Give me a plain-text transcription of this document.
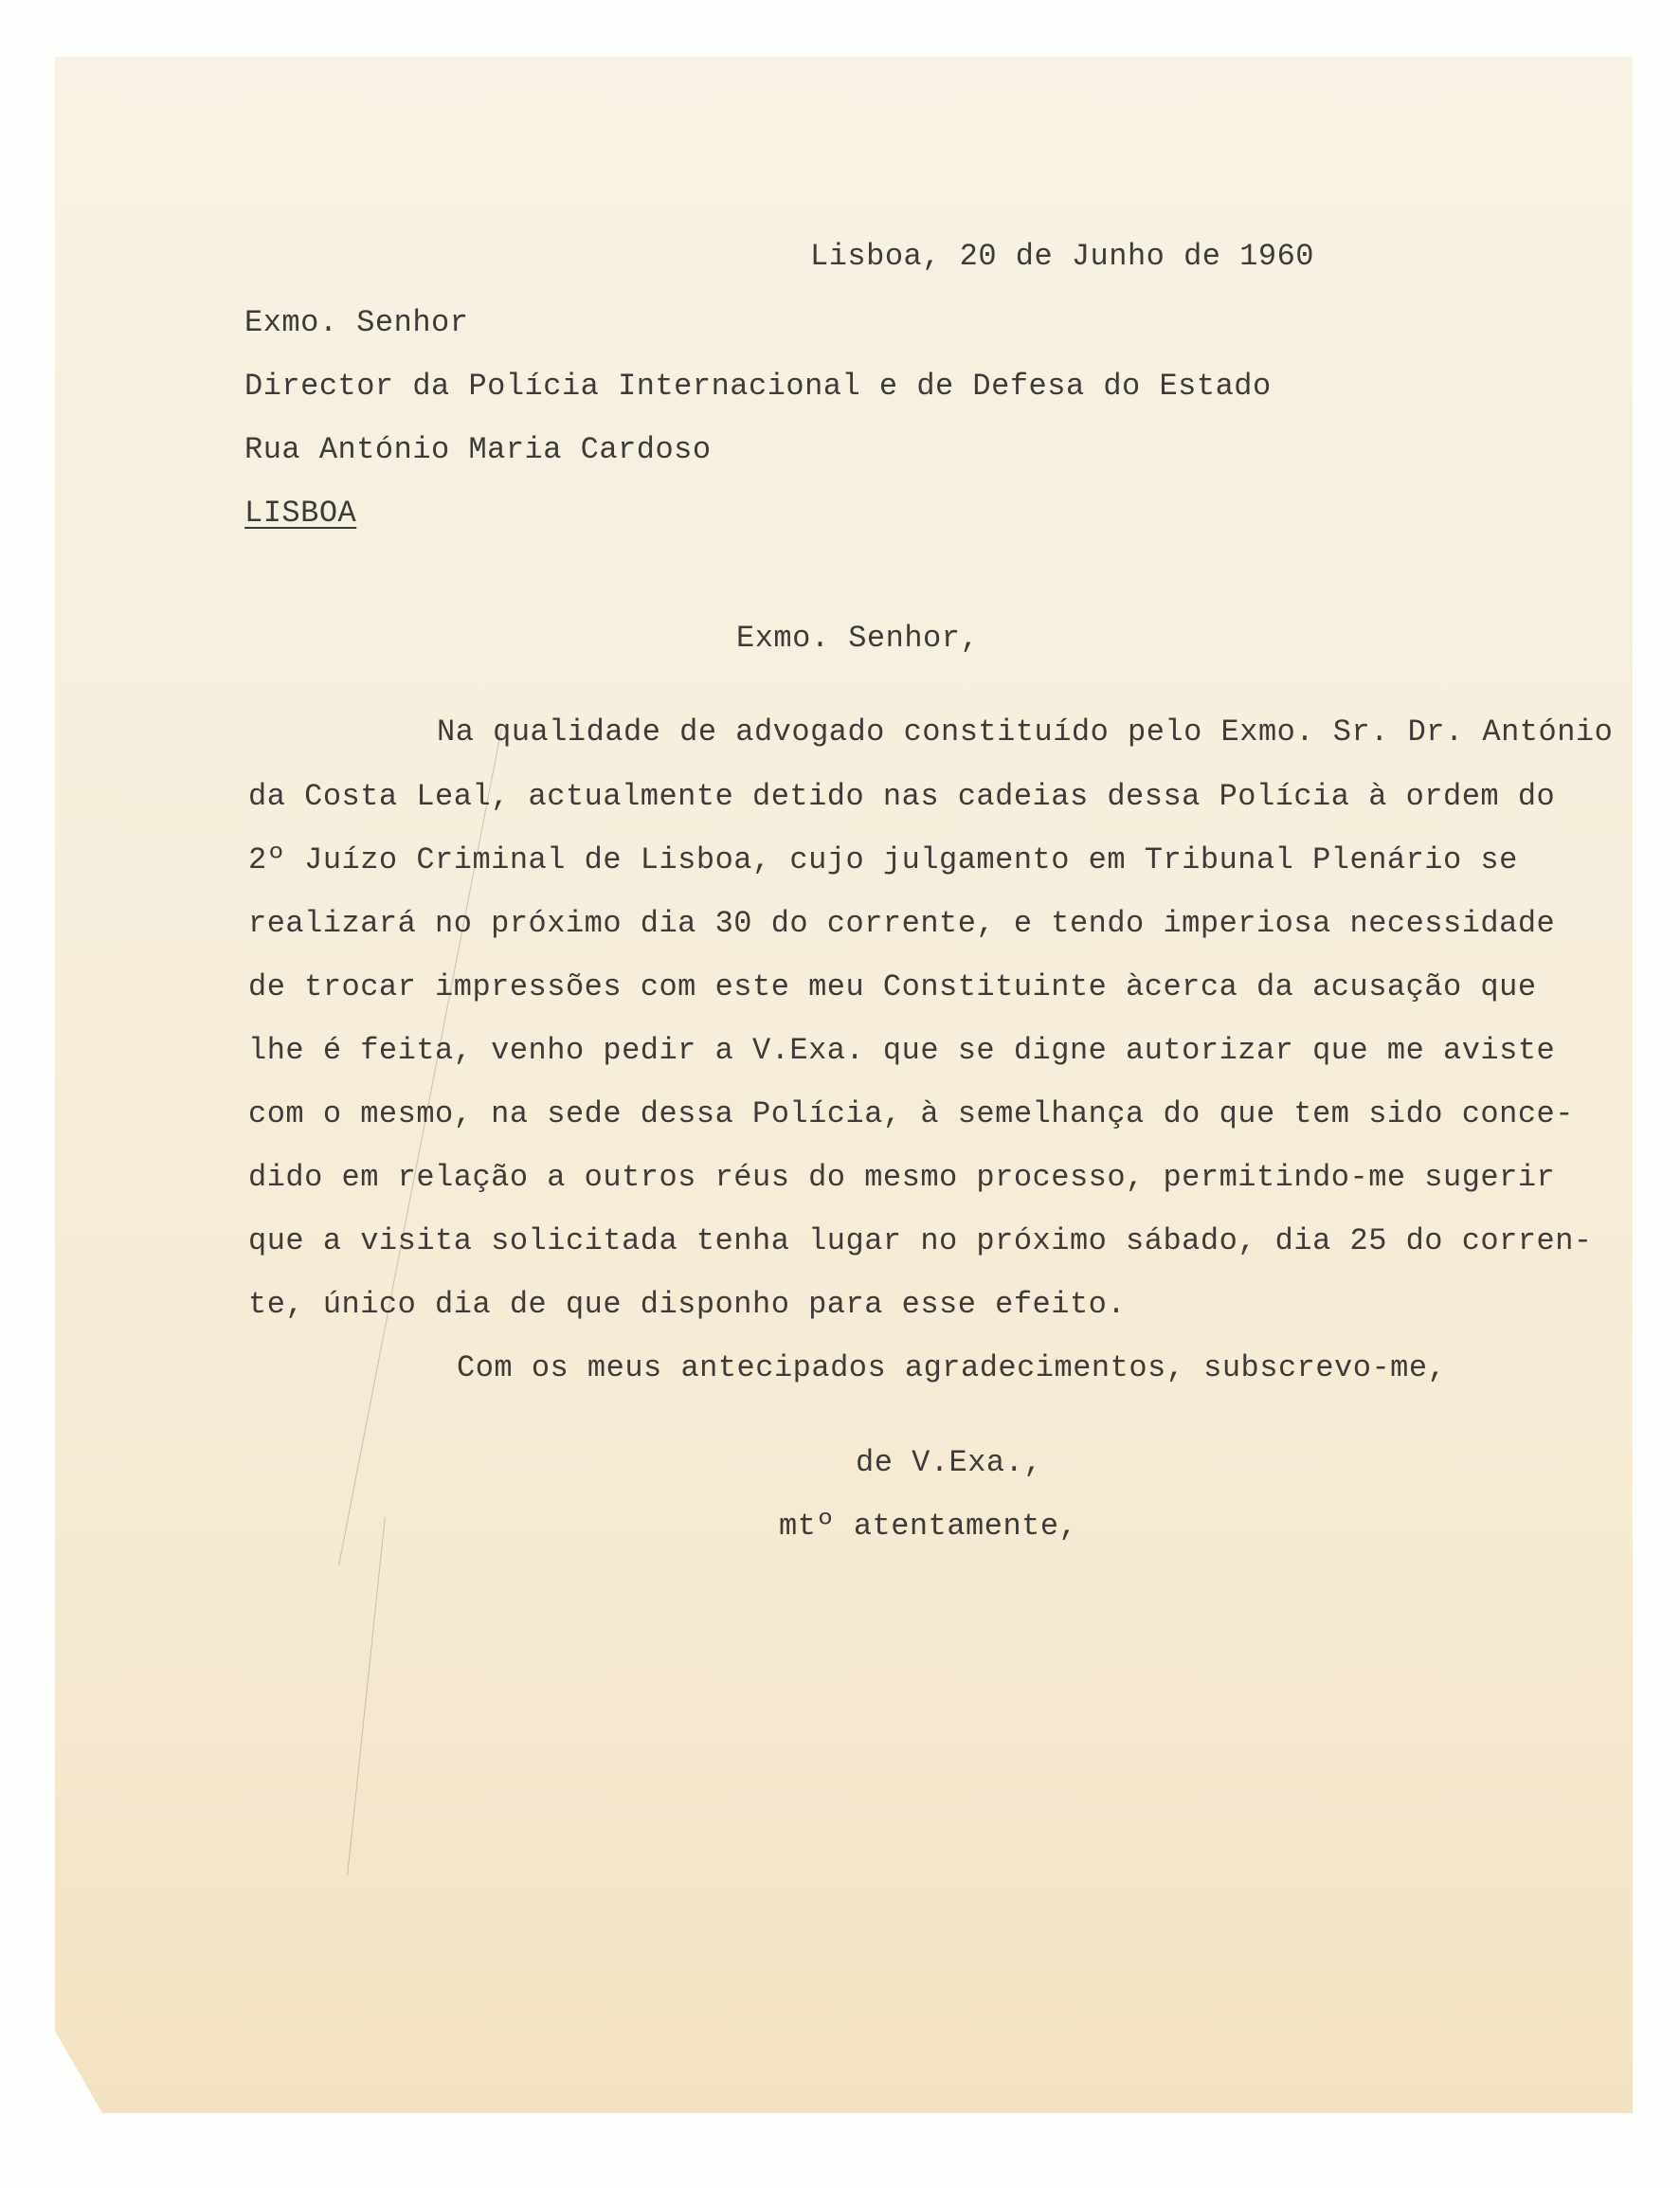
Lisboa, 20 de Junho de 1960
Exmo. Senhor
Director da Polícia Internacional e de Defesa do Estado
Rua António Maria Cardoso
LISBOA
Exmo. Senhor,
Na qualidade de advogado constituído pelo Exmo. Sr. Dr. António
da Costa Leal, actualmente detido nas cadeias dessa Polícia à ordem do
2º Juízo Criminal de Lisboa, cujo julgamento em Tribunal Plenário se
realizará no próximo dia 30 do corrente, e tendo imperiosa necessidade
de trocar impressões com este meu Constituinte àcerca da acusação que
lhe é feita, venho pedir a V.Exa. que se digne autorizar que me aviste
com o mesmo, na sede dessa Polícia, à semelhança do que tem sido conce-
dido em relação a outros réus do mesmo processo, permitindo-me sugerir
que a visita solicitada tenha lugar no próximo sábado, dia 25 do corren-
te, único dia de que disponho para esse efeito.
Com os meus antecipados agradecimentos, subscrevo-me,
de V.Exa.,
mtº atentamente,
